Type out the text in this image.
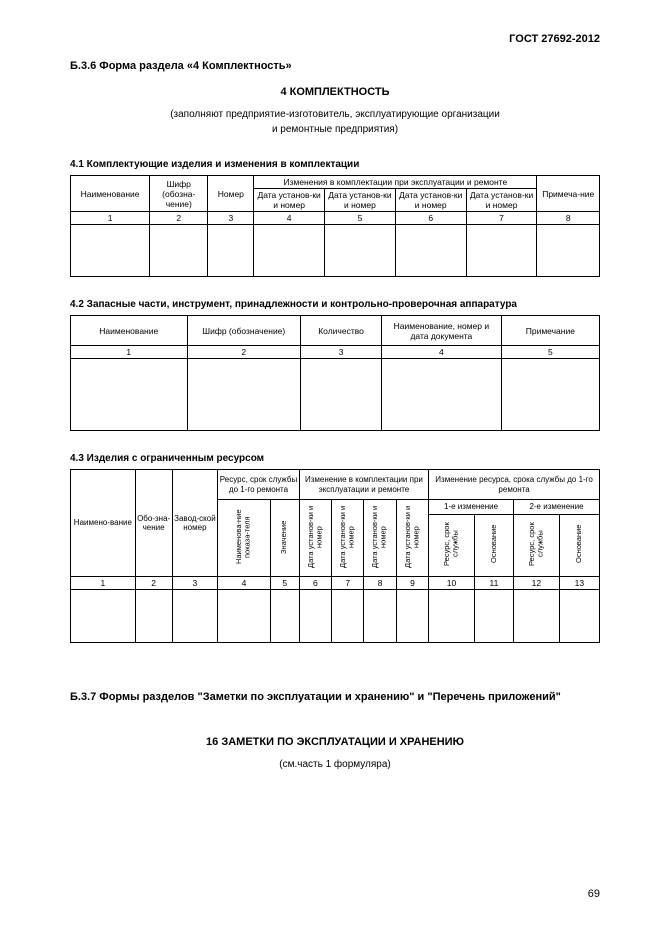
ГОСТ 27692-2012
Б.3.6 Форма раздела «4 Комплектность»
4 КОМПЛЕКТНОСТЬ
(заполняют предприятие-изготовитель, эксплуатирующие организации
и ремонтные предприятия)
4.1 Комплектующие изделия и изменения в комплектации
Наименование	Шифр (обозна-чение)	Номер	Изменения в комплектации при эксплуатации и ремонте				Примеча-ние
			Дата установ-ки и номер	Дата установ-ки и номер	Дата установ-ки и номер	Дата установ-ки и номер	
1	2	3	4	5	6	7	8

4.2 Запасные части, инструмент, принадлежности и контрольно-проверочная аппаратура
Наименование	Шифр (обозначение)	Количество	Наименование, номер и дата документа	Примечание
1	2	3	4	5

4.3 Изделия с ограниченным ресурсом
Наимено-вание	Обо-зна-чение	Завод-ской номер	Ресурс, срок службы до 1-го ремонта		Изменение в комплектации при эксплуатации и ремонте				Изменение ресурса, срока службы до 1-го ремонта			
			Наименова-ние показа-теля	Значение	Дата установ-ки и номер	Дата установ-ки и номер	Дата установ-ки и номер	Дата установ-ки и номер	1-е изменение		2-е изменение	
									Ресурс, срок службы	Основание	Ресурс, срок службы	Основание
1	2	3	4	5	6	7	8	9	10	11	12	13

Б.3.7 Формы разделов "Заметки по эксплуатации и хранению" и "Перечень приложений"
16 ЗАМЕТКИ ПО ЭКСПЛУАТАЦИИ И ХРАНЕНИЮ
(см.часть 1 формуляра)
69
